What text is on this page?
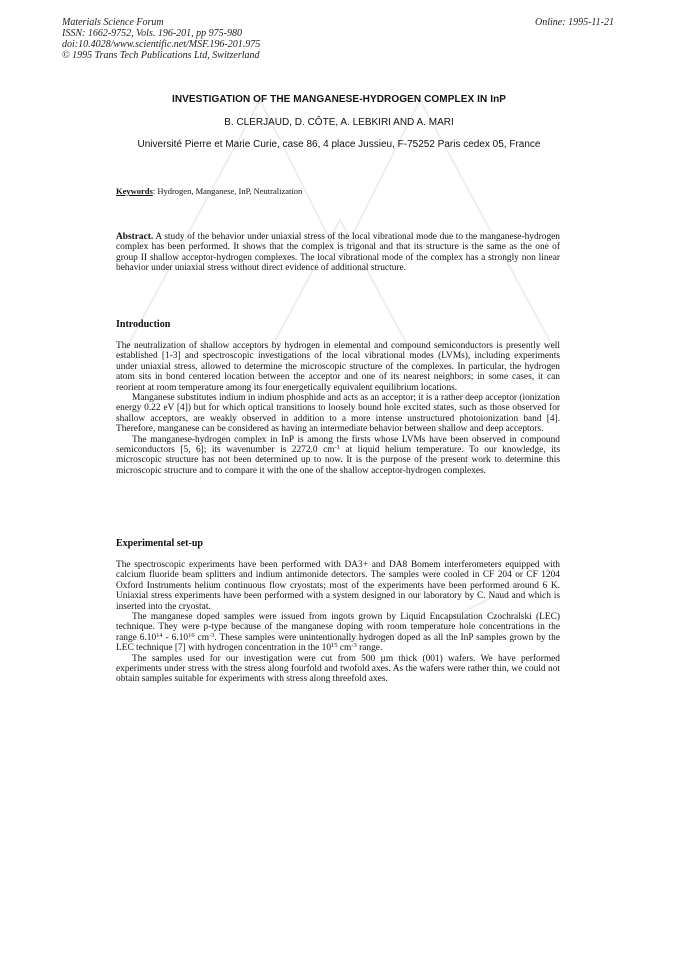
Materials Science Forum
ISSN: 1662-9752, Vols. 196-201, pp 975-980
doi:10.4028/www.scientific.net/MSF.196-201.975
© 1995 Trans Tech Publications Ltd, Switzerland
Online: 1995-11-21
INVESTIGATION OF THE MANGANESE-HYDROGEN COMPLEX IN InP
B. CLERJAUD, D. CÔTE, A. LEBKIRI AND A. MARI
Université Pierre et Marie Curie, case 86, 4 place Jussieu, F-75252 Paris cedex 05, France
Keywords: Hydrogen, Manganese, InP, Neutralization

Abstract. A study of the behavior under uniaxial stress of the local vibrational mode due to the manganese-hydrogen complex has been performed. It shows that the complex is trigonal and that its structure is the same as the one of group II shallow acceptor-hydrogen complexes. The local vibrational mode of the complex has a strongly non linear behavior under uniaxial stress without direct evidence of additional structure.

Introduction

The neutralization of shallow acceptors by hydrogen in elemental and compound semiconductors is presently well established [1-3] and spectroscopic investigations of the local vibrational modes (LVMs), including experiments under uniaxial stress, allowed to determine the microscopic structure of the complexes. In particular, the hydrogen atom sits in bond centered location between the acceptor and one of its nearest neighbors; in some cases, it can reorient at room temperature among its four energetically equivalent equilibrium locations.

Manganese substitutes indium in indium phosphide and acts as an acceptor; it is a rather deep acceptor (ionization energy 0.22 eV [4]) but for which optical transitions to loosely bound hole excited states, such as those observed for shallow acceptors, are weakly observed in addition to a more intense unstructured photoionization band [4]. Therefore, manganese can be considered as having an intermediate behavior between shallow and deep acceptors.

The manganese-hydrogen complex in InP is among the firsts whose LVMs have been observed in compound semiconductors [5, 6]; its wavenumber is 2272.0 $cm^{-1}$ at liquid helium temperature. To our knowledge, its microscopic structure has not been determined up to now. It is the purpose of the present work to determine this microscopic structure and to compare it with the one of the shallow acceptor-hydrogen complexes.

Experimental set-up

The spectroscopic experiments have been performed with DA3+ and DA8 Bomem interferometers equipped with calcium fluoride beam splitters and indium antimonide detectors. The samples were cooled in CF 204 or CF 1204 Oxford Instruments helium continuous flow cryostats; most of the experiments have been performed around 6 K. Uniaxial stress experiments have been performed with a system designed in our laboratory by C. Naud and which is inserted into the cryostat.

The manganese doped samples were issued from ingots grown by Liquid Encapsulation Czochralski (LEC) technique. They were p-type because of the manganese doping with room temperature hole concentrations in the range 6.10$^{14}$ - 6.10$^{16}$ $cm^{-3}$. These samples were unintentionally hydrogen doped as all the InP samples grown by the LEC technique [7] with hydrogen concentration in the $10^{15}$ $cm^{-3}$ range.

The samples used for our investigation were cut from 500 µm thick (001) wafers. We have performed experiments under stress with the stress along fourfold and twofold axes. As the wafers were rather thin, we could not obtain samples suitable for experiments with stress along threefold axes.
